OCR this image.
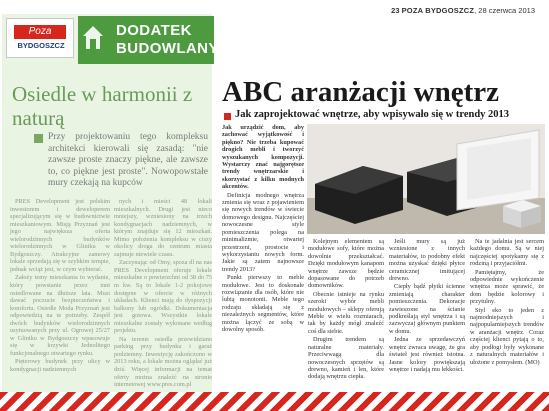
23 POZA BYDGOSZCZ, 28 czerwca 2013
Poza
BYDGOSZCZ
DODATEK
BUDOWLANY
Osiedle w harmonii z naturą
Przy projektowaniu tego kompleksu architekci kierowali się zasadą: "nie zawsze proste znaczy piękne, ale zawsze to, co piękne jest proste". Nowopowstałe mury czekają na kupców

PRES Development jest polskim inwestorem i deweloperem specjalizującym się w budownictwie mieszkaniowym. Misją Przyznań jest jego największa oferta wielorodzinnych budynków wielorodzinnych w Gliniku w Bydgoszczy. Atrakcyjne zamowy lokale sprzedają się w szybkim tempie, jednak wciąż jest, w czym wybierać.

Założy temy mieszkania to wydanie, który powstanie przez inni osiedlowane na dłuższe lata. Musi dawać poczucie bezpieczeństwa i komfortu. Osiedle Moda Przyznań jest odpowiedzią na te potrzeby. Zespół dwóch budynków wielorodzinnych usytuowanych przy ul. Ogrowej 25/27 w Gliniku w Bydgoszczy wpasowuje się w krzywki Jednolitego funkcjonalnego otwartego rynku.

Pięterowy budynek przy ulicy w kondygnacji nadziemnych

nych i mieści 48 lokali mieszkalnych. Drugi jest nieco mniejszy, wzniesiony na trzech kondygnacjach nadziemnych, w którym znajduje się 12 mieszkań. Mimo położenia kompleksu w ciszy okolicy droga do centrum miasta zajmuje niewiele czasu.

Zaczynając od Omy, spoza dl na nas PRES Development oferuje lokale mieszkalne o powierzchni od 38 do 75 m kw. Są to lokale 1-2 pokojowe dostępne w ofercie w różnych układach. Klienci mają do dyspozycji balkony lub ogródki. Dokumentacja jest gotowa. Wszystkie lokale mieszkalne zostały wykonane według projektu.

Na terenie osiedla przewidziano parking przy budynku i garaż podziemny. Inwestycję zakończono w 2013 roku, a lokale można oglądać już dziś. Więcej informacji na temat oferty można znaleźć na stronie internetowej www.pres.com.pl

ABC aranżacji wnętrz
Jak zaprojektować wnętrze, aby wpisywało się w trendy 2013

Jak urządzić dom, aby zachować wyjątkowość i piękno? Nie trzeba kupować drogich mebli i tworzyć wyszukanych kompozycji. Wystarczy znać najgorętsze trendy wnętrzarskie i skorzystać z kilku modnych akcentów.

Definicja modnego wnętrza zmienia się wraz z pojawieniem się nowych trendów w świecie domowego designu. Najczęściej nowoczesne style pomieszczenia polega na minimalizmie, otwartej przestrzeni, prostocie i wykorzystaniu nowych form. Jakie są zatem najnowsze trendy 2013?

Punkt pierwszy to meble modułowe. Jest to doskonałe rozwiązanie dla osób, które nie lubią monotonii. Meble tego rodzaju składają się z niezależnych segmentów, które można łączyć ze sobą w dowolny sposób.

Kolejnym elementem są modułowe sofy, które można dowolnie przekształcać. Dzięki modułowym kanapom wnętrze zawsze będzie dopasowane do potrzeb domowników.

Obecnie istnieje na rynku szeroki wybór mebli modułowych – sklepy oferują Meble w wielu rozmiarach, tak by każdy mógł znaleźć coś dla siebie.

Drugim trendem są naturalne materiały. Przeciwwagą dla nowoczesnych sprzętów są drewno, kamień i len, które dodają wnętrzu ciepła.

Jeśli mury są już wzniesione z innych materiałów, to podobny efekt można uzyskać dzięki płytce ceramicznej imitującej drewno.

Ciepły bądź płytki ścienne zmieniają charakter pomieszczenia. Dekoracje zawieszone na ścianie podkreślają styl wnętrza i są zazwyczaj głównym punktem w domu.

Jedna ze sprzedawczyń wnętrz zwraca uwagę, że gra świateł jest również istotna. Jasne kolory powiększają wnętrze i nadają mu lekkości.

Na te jadalnia jest sercem każdego domu. Są w niej najczęściej spotykamy się z rodziną i przyjaciółmi.

Pamiętajmy, że odpowiednie wykończenie wnętrza może sprawić, że dom będzie kolorowy i przytulny.

Styl eko to jeden z najmodniejszych i najpopularniejszych trendów w aranżacji wnętrz. Coraz częściej klienci pytają o to, aby podłogi były wykonane z naturalnych materiałów i ułożone z pomysłem. (MO)
